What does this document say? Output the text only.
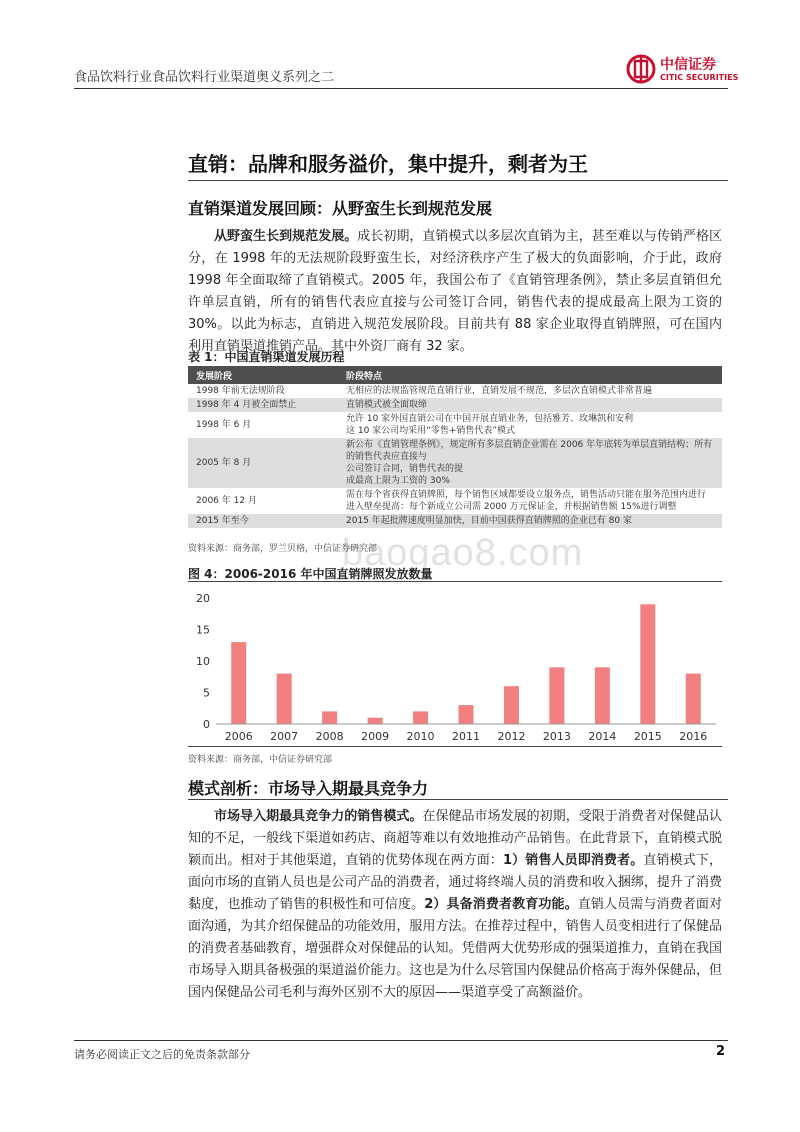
食品饮料行业食品饮料行业渠道奥义系列之二
中信证券
CITIC SECURITIES
baogao8.com
直销：品牌和服务溢价，集中提升，剩者为王
直销渠道发展回顾：从野蛮生长到规范发展

从野蛮生长到规范发展。成长初期，直销模式以多层次直销为主，甚至难以与传销严格区分，在 1998 年的无法规阶段野蛮生长，对经济秩序产生了极大的负面影响，介于此，政府 1998 年全面取缔了直销模式。2005 年，我国公布了《直销管理条例》，禁止多层直销但允许单层直销，所有的销售代表应直接与公司签订合同，销售代表的提成最高上限为工资的 30%。以此为标志，直销进入规范发展阶段。目前共有 88 家企业取得直销牌照，可在国内利用直销渠道推销产品。其中外资厂商有 32 家。

表 1：中国直销渠道发展历程
发展阶段	阶段特点
1998 年前无法规阶段	无相应的法规监管规范直销行业，直销发展不规范，多层次直销模式非常普遍
1998 年 4 月被全面禁止	直销模式被全面取缔
1998 年 6 月	允许 10 家外国直销公司在中国开展直销业务，包括雅芳、玫琳凯和安利
这 10 家公司均采用“零售+销售代表”模式
2005 年 8 月	新公布《直销管理条例》，规定所有多层直销企业需在 2006 年年底转为单层直销结构；所有的销售代表应直接与
公司签订合同，销售代表的提
成最高上限为工资的 30%
2006 年 12 月	需在每个省获得直销牌照，每个销售区域都要设立服务点，销售活动只能在服务范围内进行
进入壁垒提高：每个新成立公司需 2000 万元保证金，并根据销售额 15%进行调整
2015 年至今	2015 年起批牌速度明显加快，目前中国获得直销牌照的企业已有 80 家
资料来源：商务部，罗兰贝格，中信证券研究部
图 4：2006-2016 年中国直销牌照发放数量
0
5
10
15
20
2006 2007 2008 2009 2010 2011 2012 2013 2014 2015 2016
资料来源：商务部，中信证券研究部
模式剖析：市场导入期最具竞争力

市场导入期最具竞争力的销售模式。在保健品市场发展的初期，受限于消费者对保健品认知的不足，一般线下渠道如药店、商超等难以有效地推动产品销售。在此背景下，直销模式脱颖而出。相对于其他渠道，直销的优势体现在两方面：1）销售人员即消费者。直销模式下，面向市场的直销人员也是公司产品的消费者，通过将终端人员的消费和收入捆绑，提升了消费黏度，也推动了销售的积极性和可信度。2）具备消费者教育功能。直销人员需与消费者面对面沟通，为其介绍保健品的功能效用，服用方法。在推荐过程中，销售人员变相进行了保健品的消费者基础教育，增强群众对保健品的认知。凭借两大优势形成的强渠道推力，直销在我国市场导入期具备极强的渠道溢价能力。这也是为什么尽管国内保健品价格高于海外保健品，但国内保健品公司毛利与海外区别不大的原因——渠道享受了高额溢价。

请务必阅读正文之后的免责条款部分	2
